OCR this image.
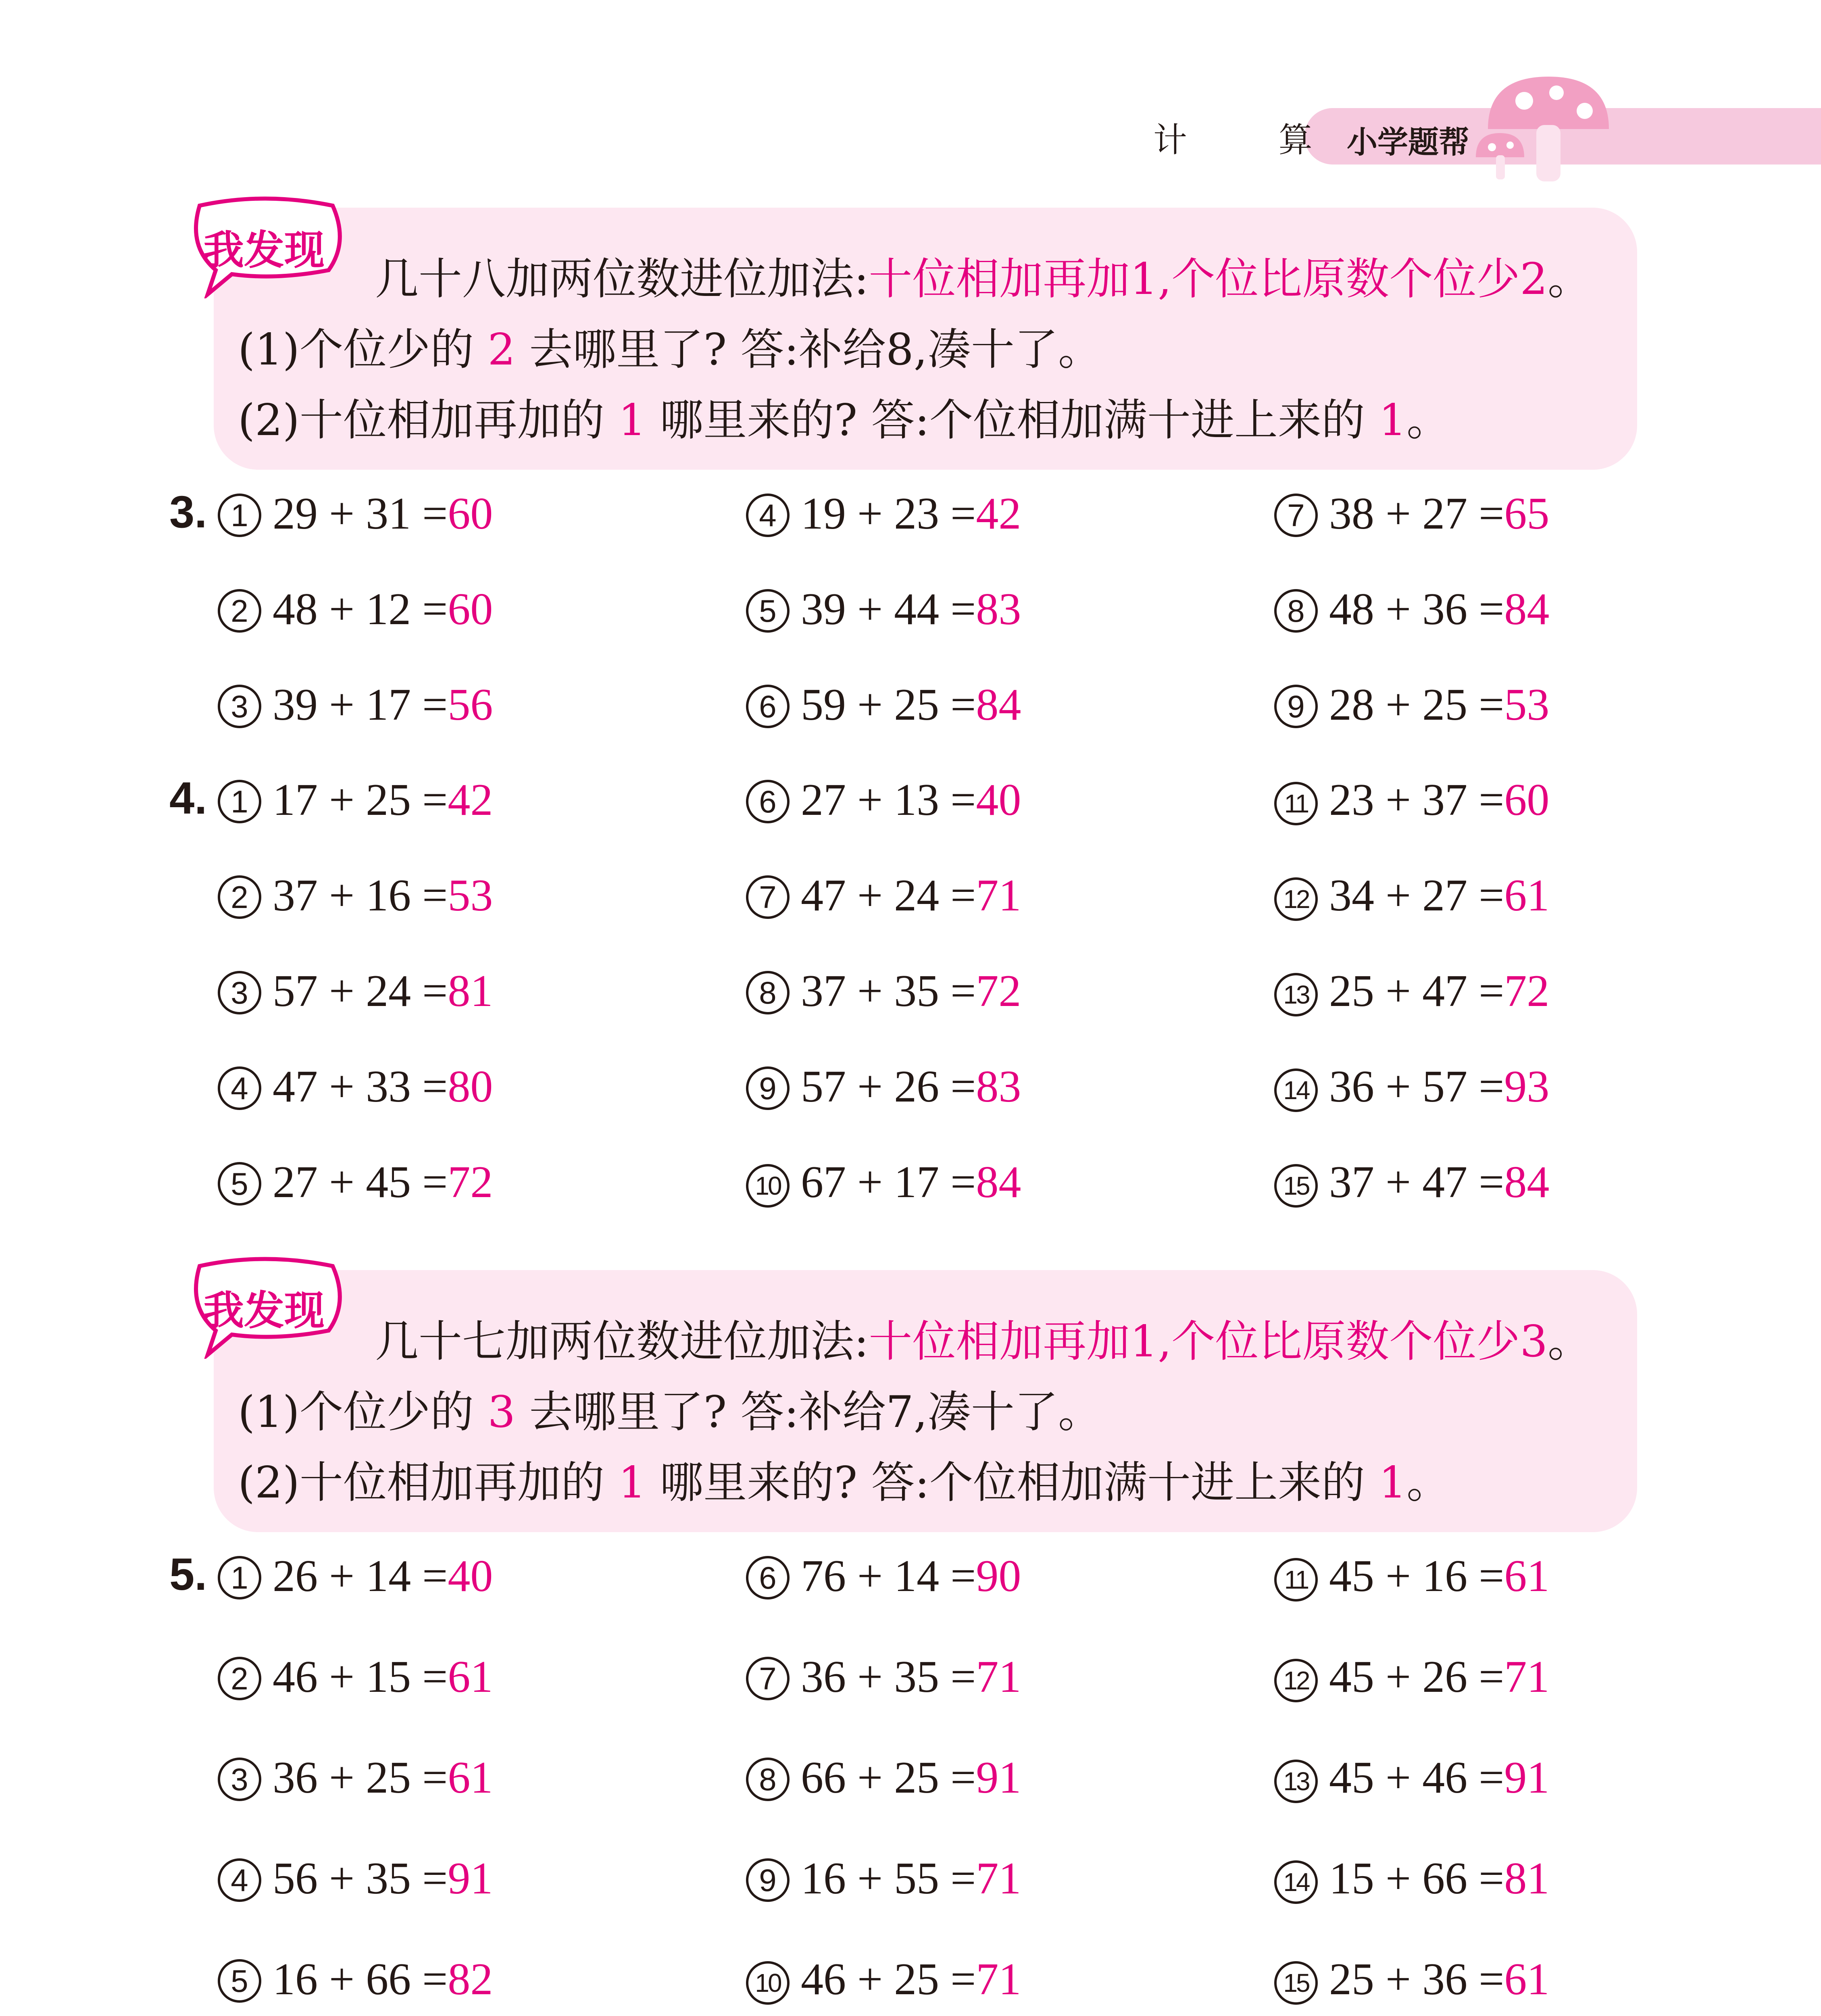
计 算
小学题帮
几十八加两位数进位加法:十位相加再加1,个位比原数个位少2。
(1)个位少的 2 去哪里了? 答:补给8,凑十了。
(2)十位相加再加的 1 哪里来的? 答:个位相加满十进上来的 1。
我发现
3. 1 29 + 31 =60	4 19 + 23 =42	7 38 + 27 =65
2 48 + 12 =60	5 39 + 44 =83	8 48 + 36 =84
3 39 + 17 =56	6 59 + 25 =84	9 28 + 25 =53
4. 1 17 + 25 =42	6 27 + 13 =40	11 23 + 37 =60
2 37 + 16 =53	7 47 + 24 =71	12 34 + 27 =61
3 57 + 24 =81	8 37 + 35 =72	13 25 + 47 =72
4 47 + 33 =80	9 57 + 26 =83	14 36 + 57 =93
5 27 + 45 =72	10 67 + 17 =84	15 37 + 47 =84
几十七加两位数进位加法:十位相加再加1,个位比原数个位少3。
(1)个位少的 3 去哪里了? 答:补给7,凑十了。
(2)十位相加再加的 1 哪里来的? 答:个位相加满十进上来的 1。
我发现
5. 1 26 + 14 =40	6 76 + 14 =90	11 45 + 16 =61
2 46 + 15 =61	7 36 + 35 =71	12 45 + 26 =71
3 36 + 25 =61	8 66 + 25 =91	13 45 + 46 =91
4 56 + 35 =91	9 16 + 55 =71	14 15 + 66 =81
5 16 + 66 =82	10 46 + 25 =71	15 25 + 36 =61
